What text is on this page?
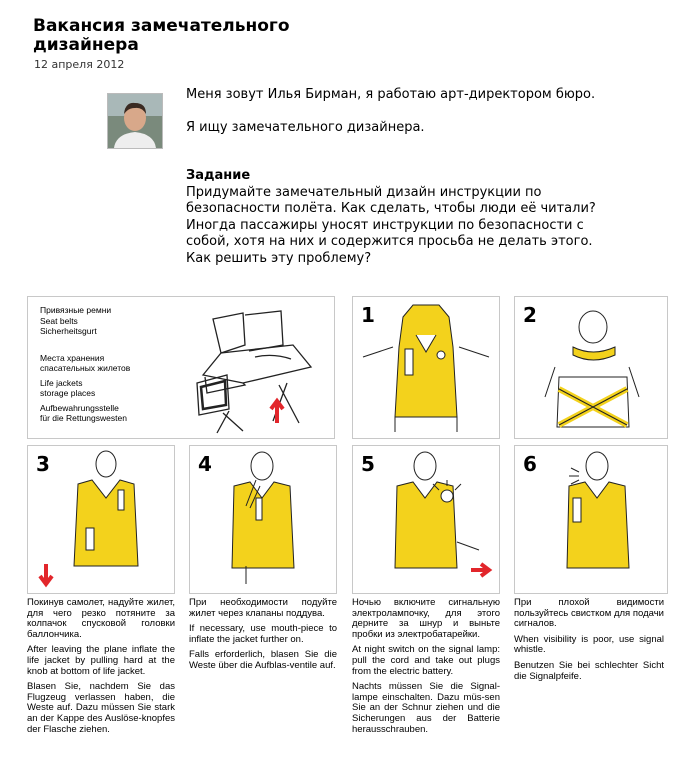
Вакансия замечательного дизайнера
12 апреля 2012

Меня зовут Илья Бирман, я работаю арт-директором бюро.

Я ищу замечательного дизайнера.

Задание
Придумайте замечательный дизайн инструкции по безопасности полёта. Как сделать, чтобы люди её читали? Иногда пассажиры уносят инструкции по безопасности с собой, хотя на них и содержится просьба не делать этого. Как решить эту проблему?
Привязные ремни
Seat belts
Sicherheitsgurt
Места хранения
спасательных жилетов
Life jackets
storage places
Aufbewahrungsstelle
für die Rettungswesten
1	2
3	4	5	6

Покинув самолет, надуйте жилет, для чего резко потяните за колпачок спусковой головки баллончика.

After leaving the plane inflate the life jacket by pulling hard at the knob at bottom of life jacket.

Blasen Sie, nachdem Sie das Flugzeug verlassen haben, die Weste auf. Dazu müssen Sie stark an der Kappe des Auslöse-knopfes der Flasche ziehen.

При необходимости подуйте жилет через клапаны поддува.

If necessary, use mouth-piece to inflate the jacket further on.

Falls erforderlich, blasen Sie die Weste über die Aufblas-ventile auf.

Ночью включите сигнальную электролампочку, для этого дерните за шнур и выньте пробки из электробатарейки.

At night switch on the signal lamp: pull the cord and take out plugs from the electric battery.

Nachts müssen Sie die Signal-lampe einschalten. Dazu müs-sen Sie an der Schnur ziehen und die Sicherungen aus der Batterie herausschrauben.

При плохой видимости пользуйтесь свистком для подачи сигналов.

When visibility is poor, use signal whistle.

Benutzen Sie bei schlechter Sicht die Signalpfeife.
